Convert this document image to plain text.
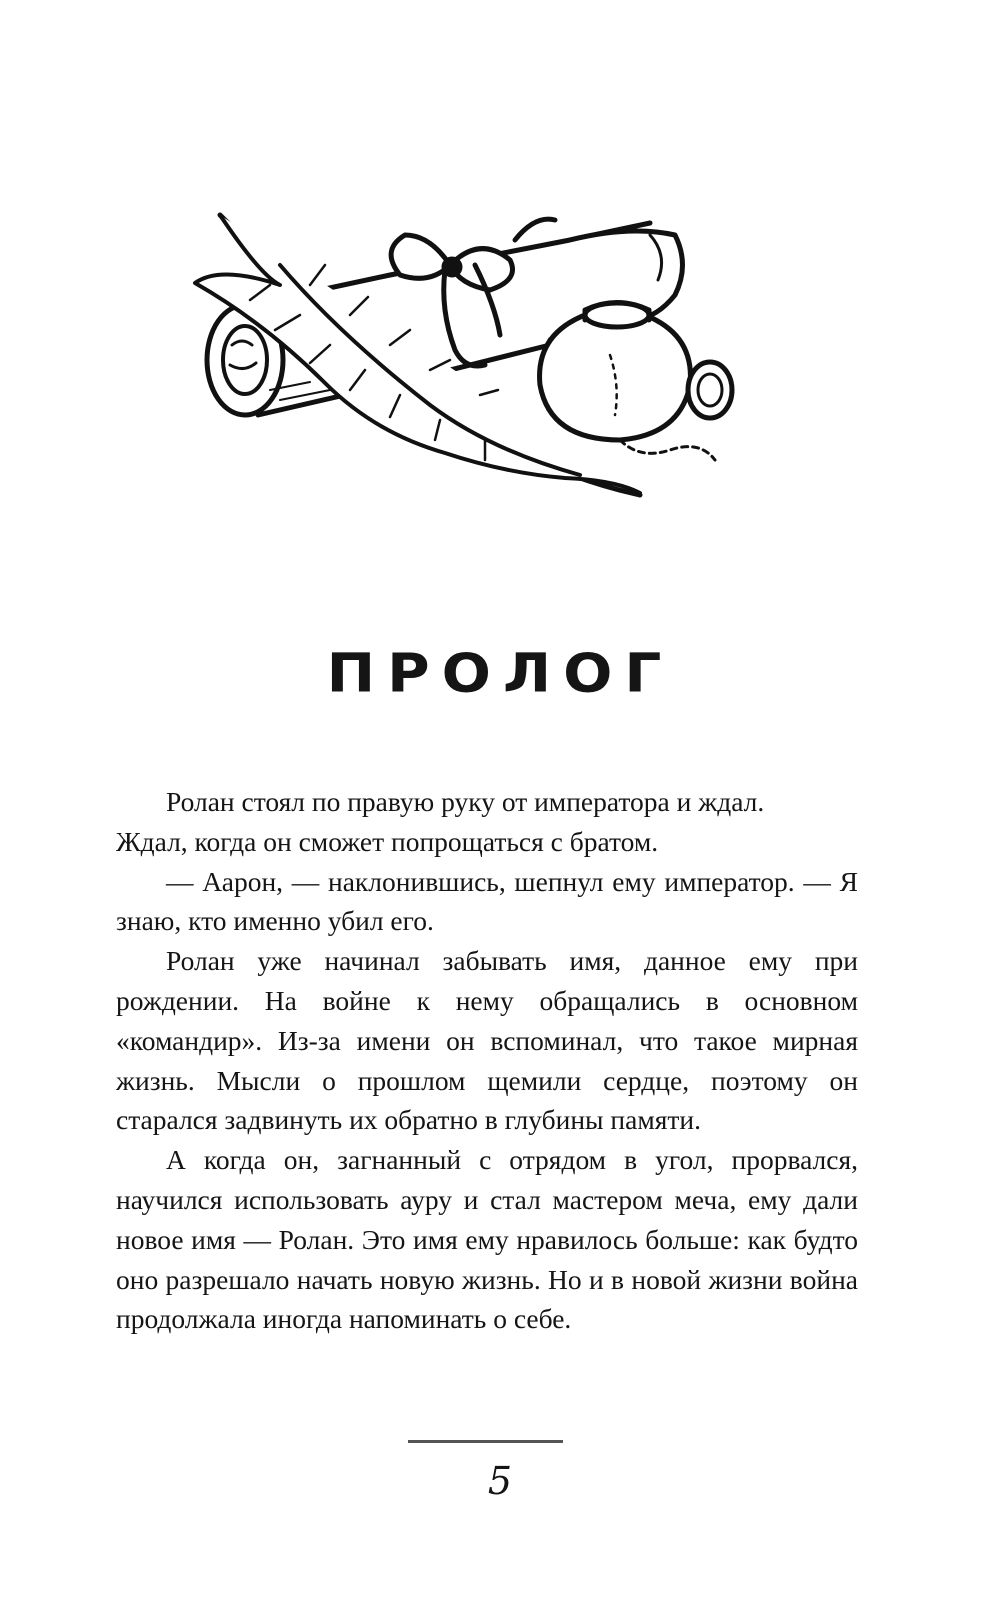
ПРОЛОГ

Ролан стоял по правую руку от императора и ждал.

Ждал, когда он сможет попрощаться с братом.

— Аарон, — наклонившись, шепнул ему император. — Я знаю, кто именно убил его.

Ролан уже начинал забывать имя, данное ему при рождении. На войне к нему обращались в основном «командир». Из-за имени он вспоминал, что такое мирная жизнь. Мысли о прошлом щемили сердце, поэтому он старался задвинуть их обратно в глубины памяти.

А когда он, загнанный с отрядом в угол, прорвался, научился использовать ауру и стал мастером меча, ему дали новое имя — Ролан. Это имя ему нравилось больше: как будто оно разрешало начать новую жизнь. Но и в новой жизни война продолжала иногда напоминать о себе.

5
